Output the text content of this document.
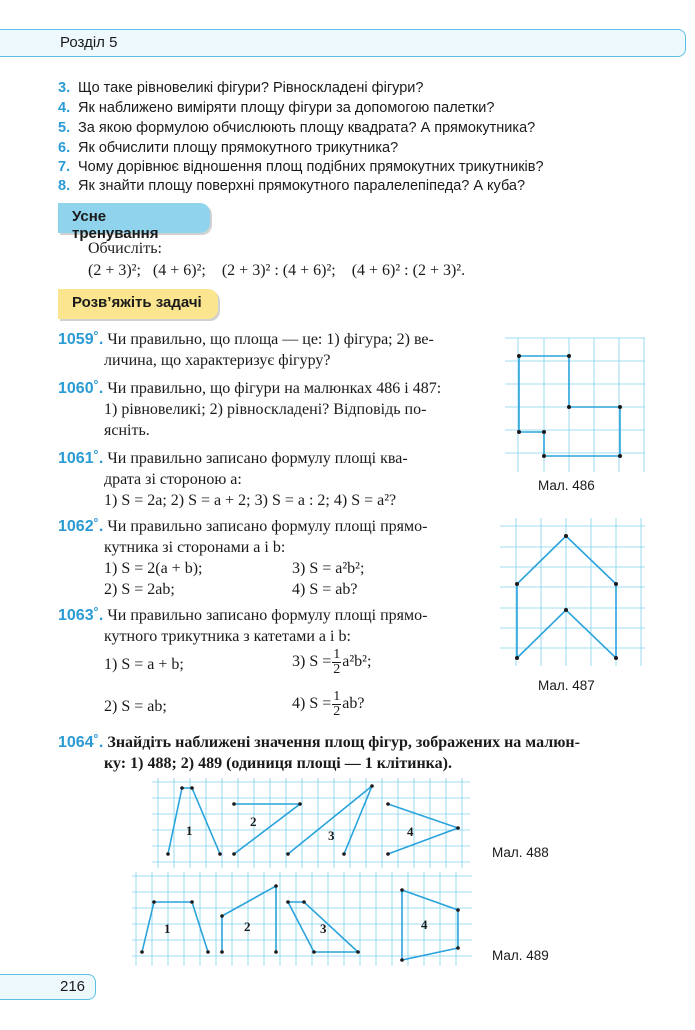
Розділ 5
3. Що таке рівновеликі фігури? Рівноскладені фігури?
4. Як наближено виміряти площу фігури за допомогою палетки?
5. За якою формулою обчислюють площу квадрата? А прямокутника?
6. Як обчислити площу прямокутного трикутника?
7. Чому дорівнює відношення площ подібних прямокутних трикутників?
8. Як знайти площу поверхні прямокутного паралелепіпеда? А куба?
Усне тренування
Обчисліть:
(2 + 3)²; (4 + 6)²; (2 + 3)² : (4 + 6)²; (4 + 6)² : (2 + 3)².
Розв’яжіть задачі
1059˚. Чи правильно, що площа — це: 1) фігура; 2) ве-
личина, що характеризує фігуру?
1060˚. Чи правильно, що фігури на малюнках 486 і 487:
1) рівновеликі; 2) рівноскладені? Відповідь по-
ясніть.
1061˚. Чи правильно записано формулу площі ква-
драта зі стороною a:
1) S = 2a; 2) S = a + 2; 3) S = a : 2; 4) S = a²?
1062˚. Чи правильно записано формулу площі прямо-
кутника зі сторонами a і b:
1) S = 2(a + b);	3) S = a²b²;
2) S = 2ab;	4) S = ab?
1063˚. Чи правильно записано формулу площі прямо-
кутного трикутника з катетами a і b:
1) S = a + b;	3) $S = \frac{1}{2} a^2b^2$;
2) S = ab;	4) $S = \frac{1}{2}$ ab?
1064˚. Знайдіть наближені значення площ фігур, зображених на малюн-
ку: 1) 488; 2) 489 (одиниця площі — 1 клітинка).
Мал. 486
Мал. 487
1
2
3	4
Мал. 488
1	2	3	4
Мал. 489
216
